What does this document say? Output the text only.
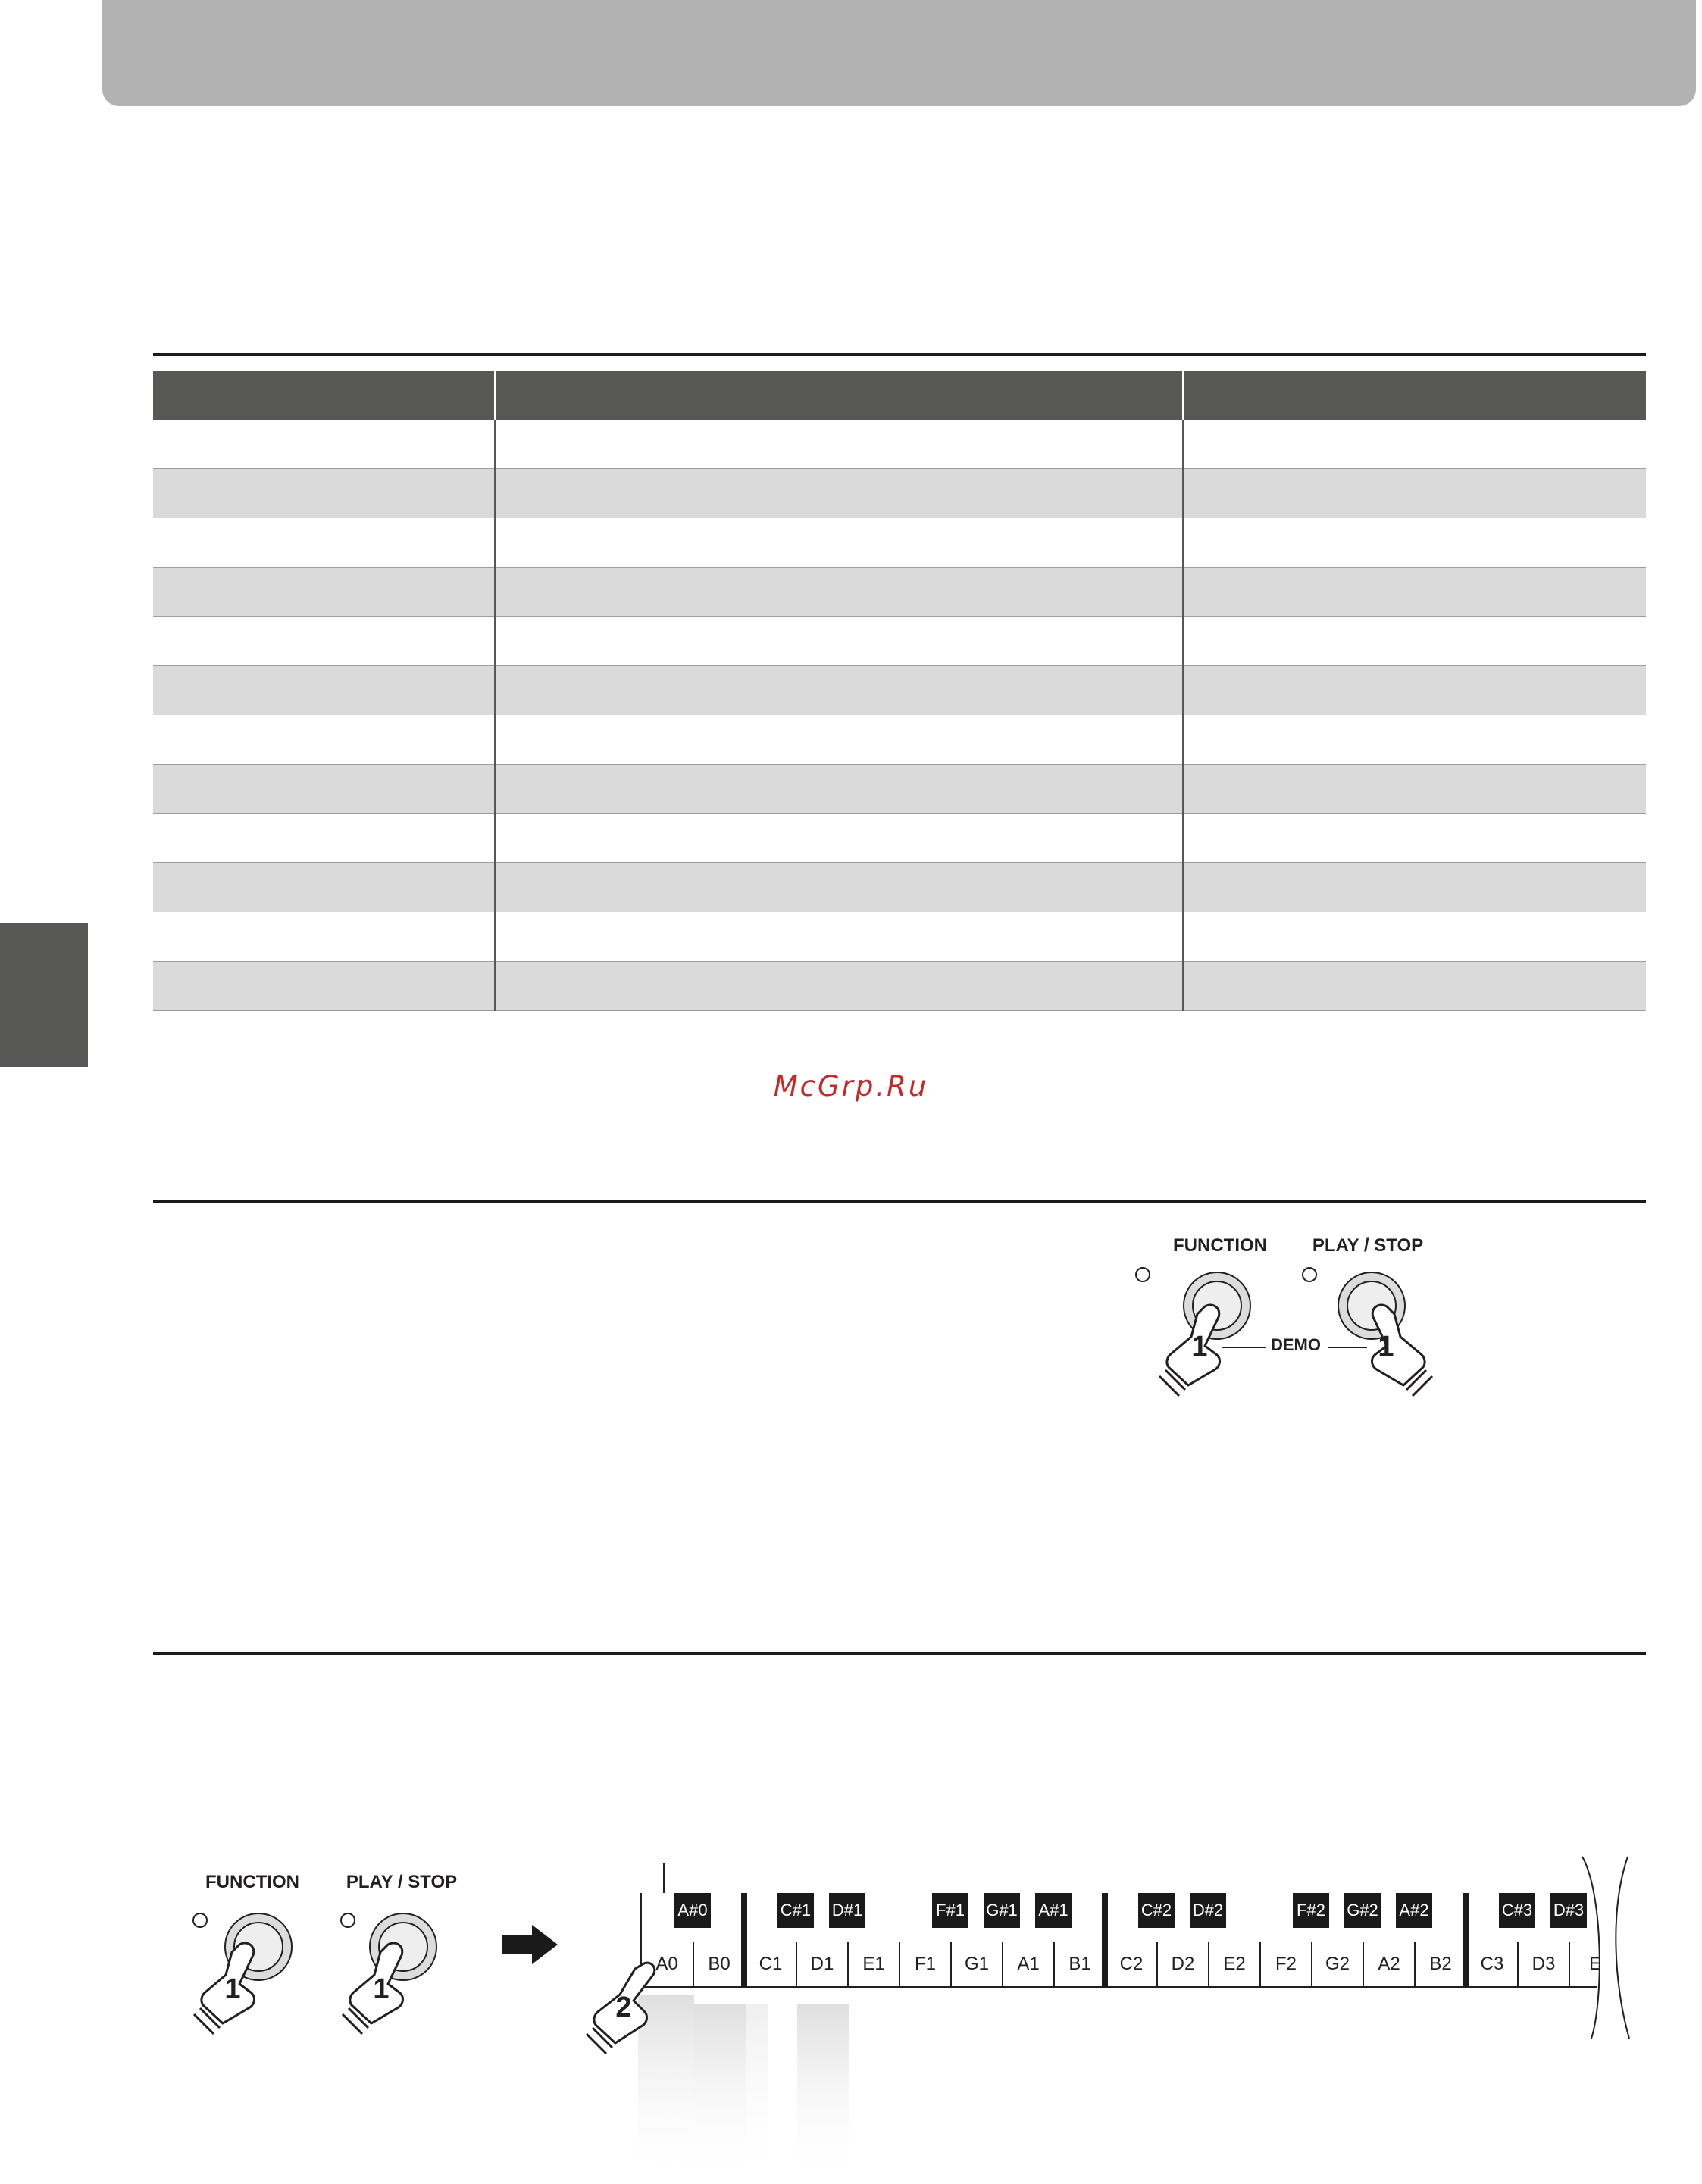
McGrp.Ru
FUNCTION PLAY / STOP
DEMO
1	1
FUNCTION	PLAY / STOP
1	1
A0	B0	C1	D1	E1	F1	G1	A1	B1	C2	D2	E2	F2	G2	A2	B2	C3	D3	E
A#0	C#1 D#1	F#1 G#1 A#1	C#2 D#2	F#2 G#2 A#2	C#3 D#3
2
